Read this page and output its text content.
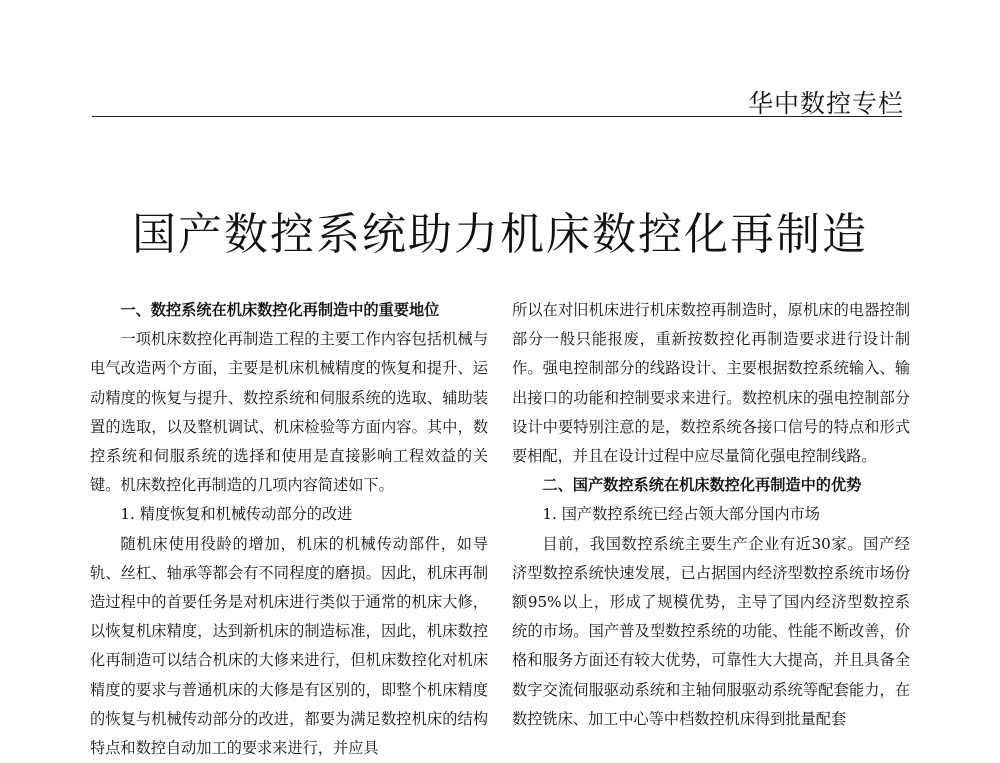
华中数控专栏
国产数控系统助力机床数控化再制造

一、数控系统在机床数控化再制造中的重要地位

一项机床数控化再制造工程的主要工作内容包括机械与电气改造两个方面，主要是机床机械精度的恢复和提升、运动精度的恢复与提升、数控系统和伺服系统的选取、辅助装置的选取，以及整机调试、机床检验等方面内容。其中，数控系统和伺服系统的选择和使用是直接影响工程效益的关键。机床数控化再制造的几项内容简述如下。

1. 精度恢复和机械传动部分的改进

随机床使用役龄的增加，机床的机械传动部件，如导轨、丝杠、轴承等都会有不同程度的磨损。因此，机床再制造过程中的首要任务是对机床进行类似于通常的机床大修，以恢复机床精度，达到新机床的制造标准，因此，机床数控化再制造可以结合机床的大修来进行，但机床数控化对机床精度的要求与普通机床的大修是有区别的，即整个机床精度的恢复与机械传动部分的改进，都要为满足数控机床的结构特点和数控自动加工的要求来进行，并应具

所以在对旧机床进行机床数控再制造时，原机床的电器控制部分一般只能报废，重新按数控化再制造要求进行设计制作。强电控制部分的线路设计、主要根据数控系统输入、输出接口的功能和控制要求来进行。数控机床的强电控制部分设计中要特别注意的是，数控系统各接口信号的特点和形式要相配，并且在设计过程中应尽量简化强电控制线路。

二、国产数控系统在机床数控化再制造中的优势

1. 国产数控系统已经占领大部分国内市场

目前，我国数控系统主要生产企业有近30家。国产经济型数控系统快速发展，已占据国内经济型数控系统市场份额95%以上，形成了规模优势，主导了国内经济型数控系统的市场。国产普及型数控系统的功能、性能不断改善，价格和服务方面还有较大优势，可靠性大大提高，并且具备全数字交流伺服驱动系统和主轴伺服驱动系统等配套能力，在数控铣床、加工中心等中档数控机床得到批量配套
